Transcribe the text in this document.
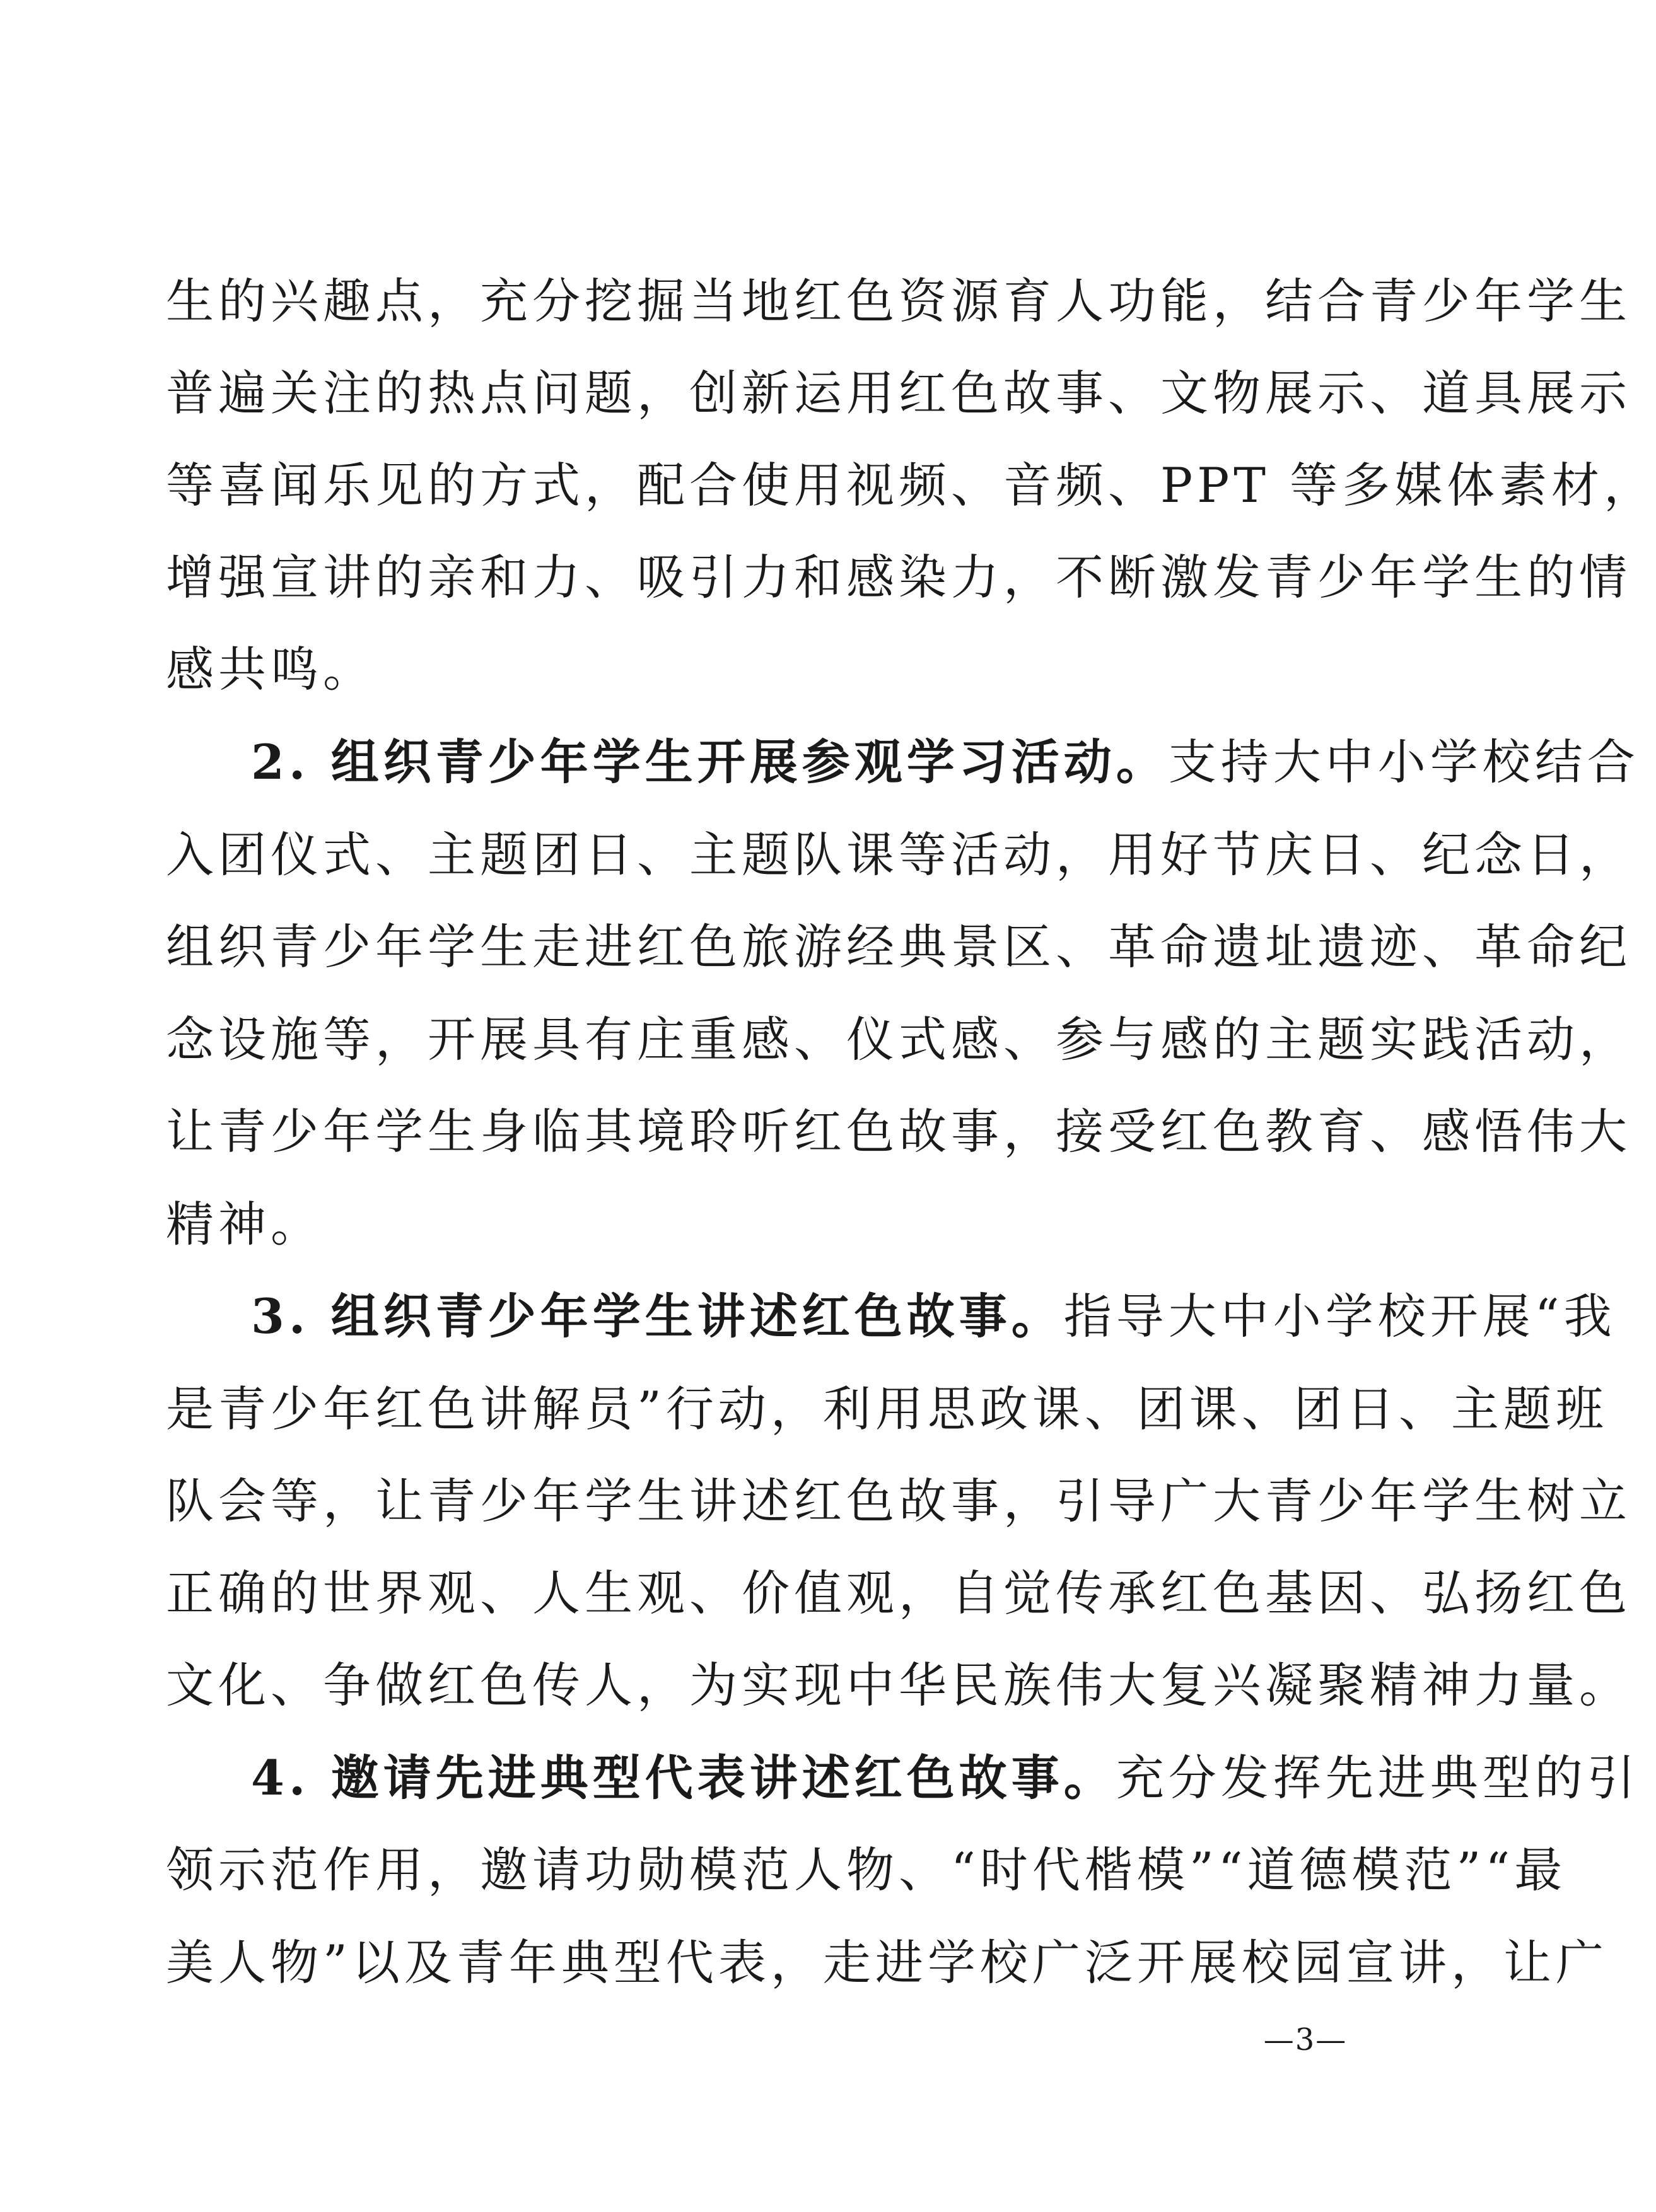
生的兴趣点，充分挖掘当地红色资源育人功能，结合青少年学生
普遍关注的热点问题，创新运用红色故事、文物展示、道具展示
等喜闻乐见的方式，配合使用视频、音频、PPT 等多媒体素材，
增强宣讲的亲和力、吸引力和感染力，不断激发青少年学生的情
感共鸣。
2. 组织青少年学生开展参观学习活动。支持大中小学校结合
入团仪式、主题团日、主题队课等活动，用好节庆日、纪念日，
组织青少年学生走进红色旅游经典景区、革命遗址遗迹、革命纪
念设施等，开展具有庄重感、仪式感、参与感的主题实践活动，
让青少年学生身临其境聆听红色故事，接受红色教育、感悟伟大
精神。
3. 组织青少年学生讲述红色故事。指导大中小学校开展“我
是青少年红色讲解员”行动，利用思政课、团课、团日、主题班
队会等，让青少年学生讲述红色故事，引导广大青少年学生树立
正确的世界观、人生观、价值观，自觉传承红色基因、弘扬红色
文化、争做红色传人，为实现中华民族伟大复兴凝聚精神力量。
4. 邀请先进典型代表讲述红色故事。充分发挥先进典型的引
领示范作用，邀请功勋模范人物、“时代楷模”“道德模范”“最
美人物”以及青年典型代表，走进学校广泛开展校园宣讲，让广
—3—
